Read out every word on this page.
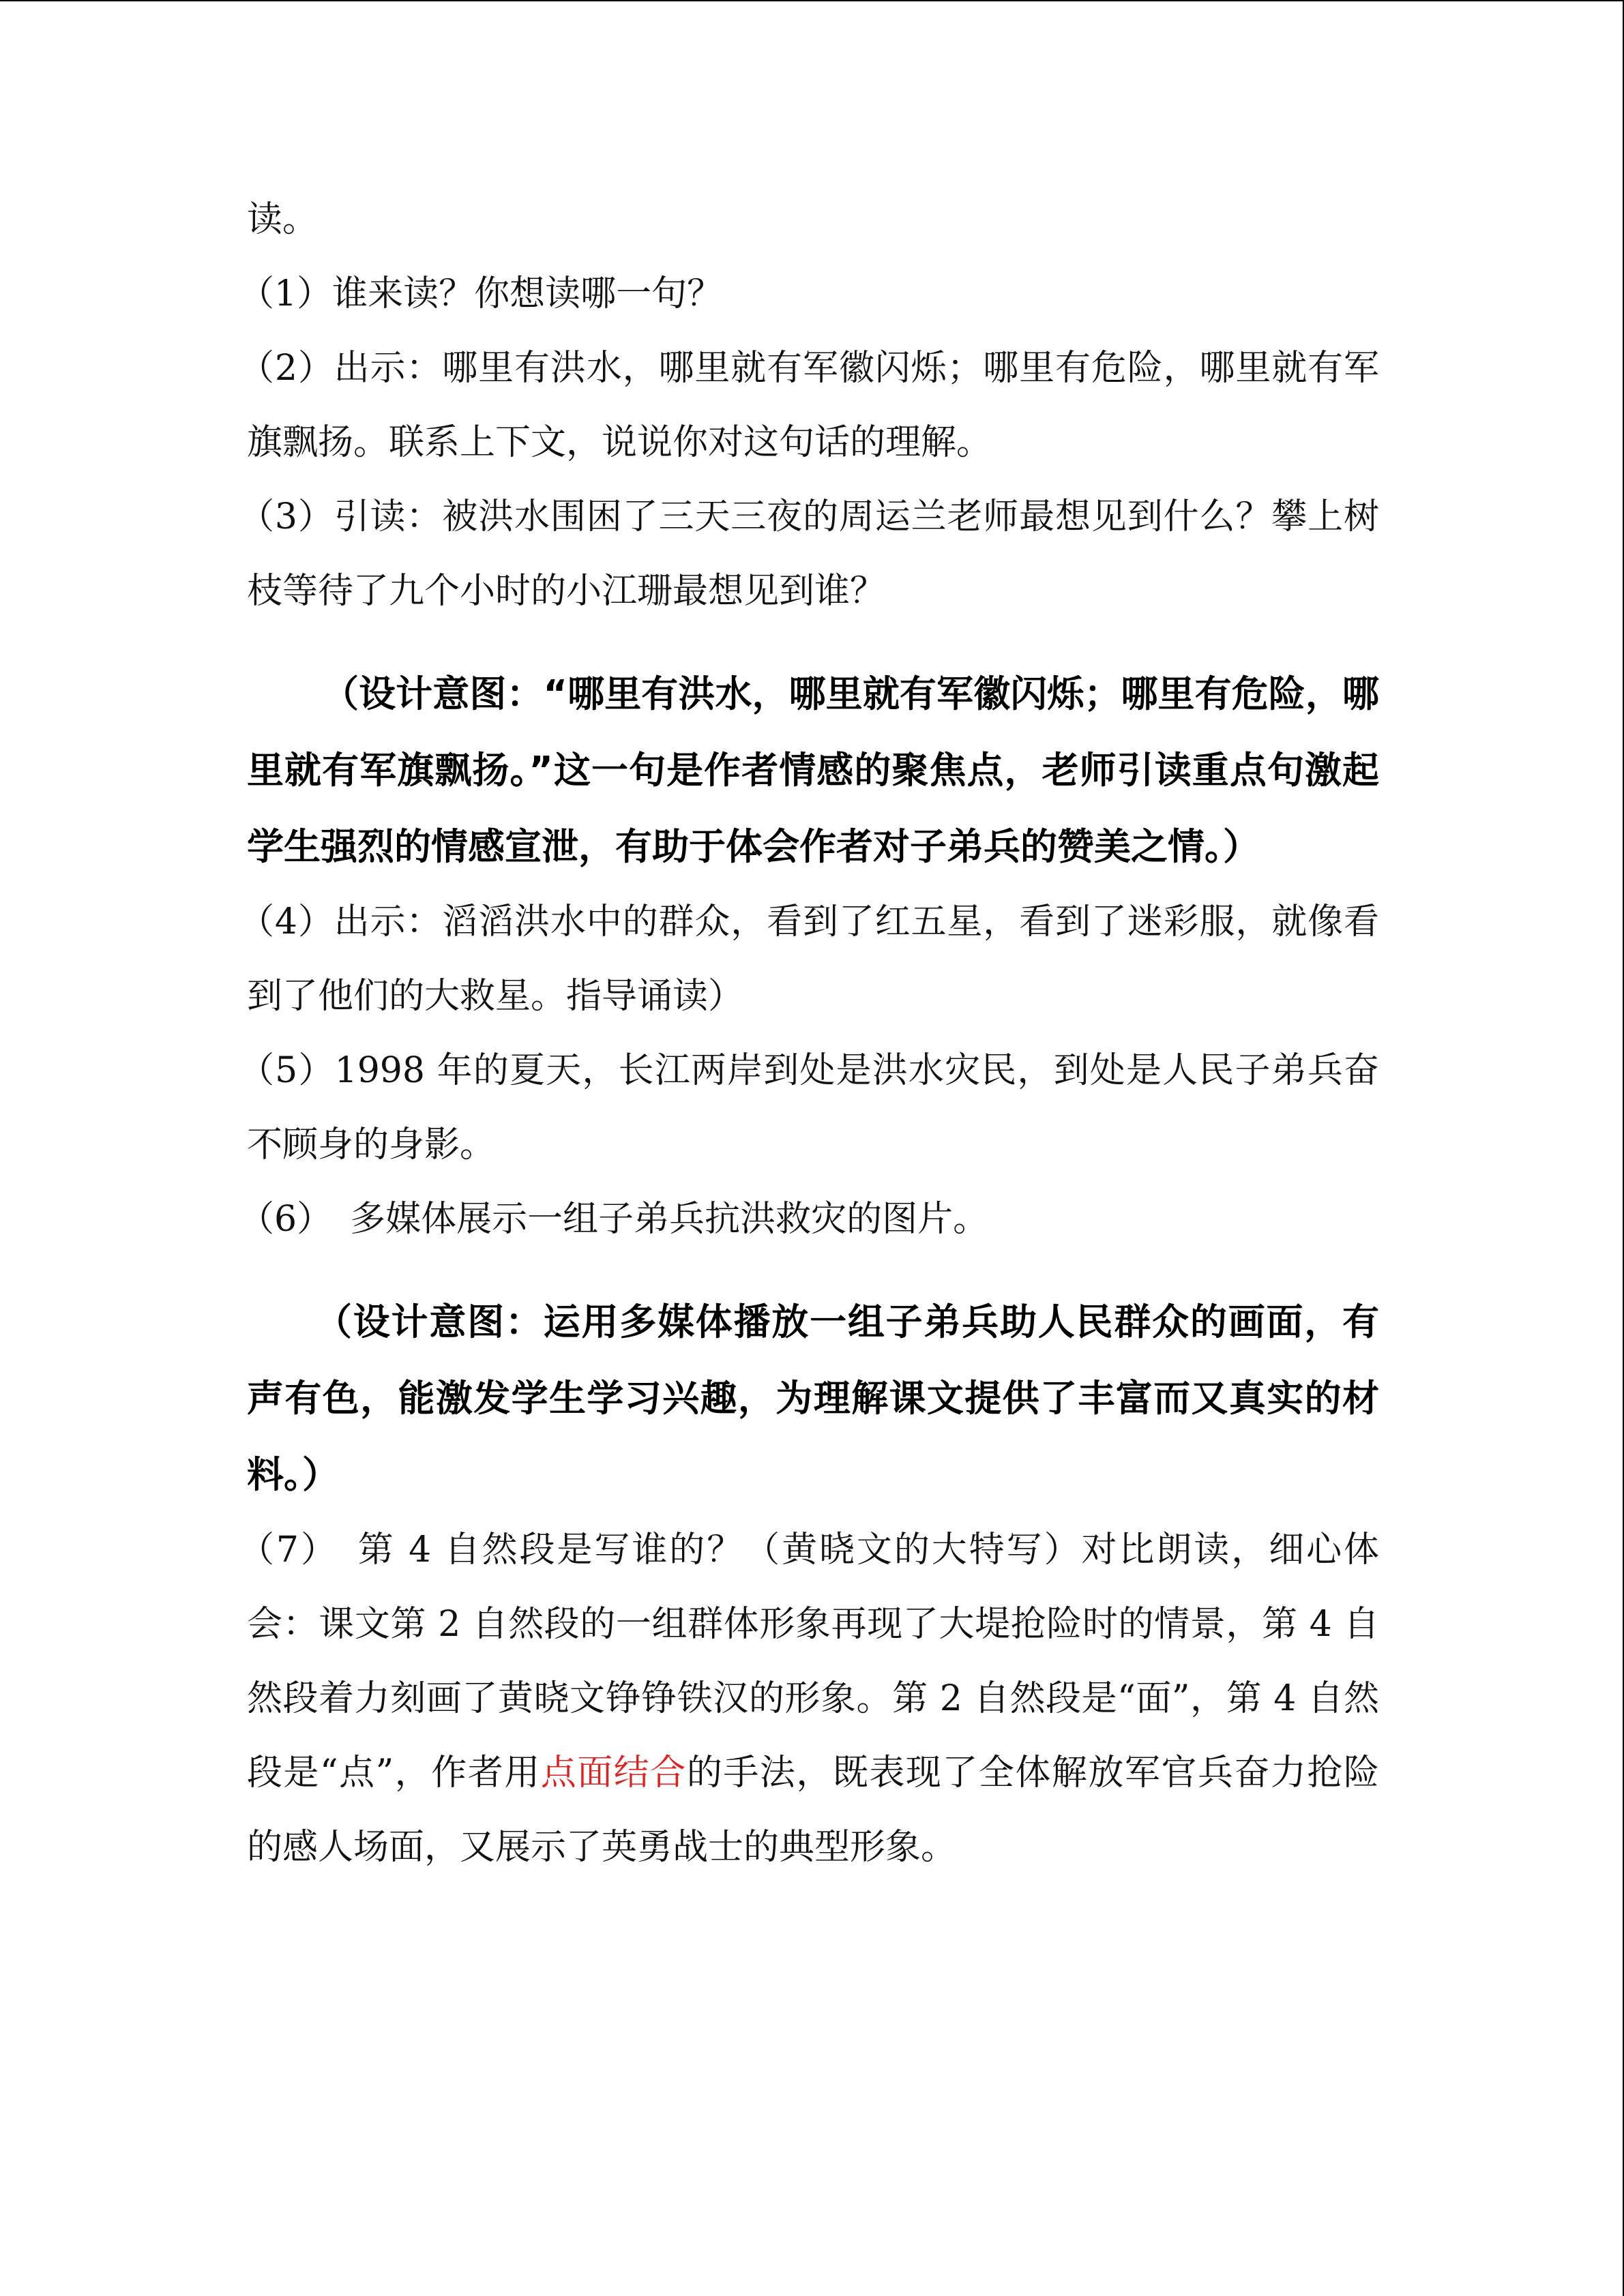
读。

（1）谁来读？你想读哪一句？

（2）出示：哪里有洪水，哪里就有军徽闪烁；哪里有危险，哪里就有军旗飘扬。联系上下文，说说你对这句话的理解。

（3）引读：被洪水围困了三天三夜的周运兰老师最想见到什么？攀上树枝等待了九个小时的小江珊最想见到谁？

（设计意图：“哪里有洪水，哪里就有军徽闪烁；哪里有危险，哪里就有军旗飘扬。”这一句是作者情感的聚焦点，老师引读重点句激起学生强烈的情感宣泄，有助于体会作者对子弟兵的赞美之情。）

（4）出示：滔滔洪水中的群众，看到了红五星，看到了迷彩服，就像看到了他们的大救星。指导诵读）

（5）1998 年的夏天，长江两岸到处是洪水灾民，到处是人民子弟兵奋不顾身的身影。

（6）　多媒体展示一组子弟兵抗洪救灾的图片。

（设计意图：运用多媒体播放一组子弟兵助人民群众的画面，有声有色，能激发学生学习兴趣，为理解课文提供了丰富而又真实的材料。）

（7）　第 4 自然段是写谁的？（黄晓文的大特写）对比朗读，细心体会：课文第 2 自然段的一组群体形象再现了大堤抢险时的情景，第 4 自然段着力刻画了黄晓文铮铮铁汉的形象。第 2 自然段是“面”，第 4 自然段是“点”，作者用点面结合的手法，既表现了全体解放军官兵奋力抢险的感人场面，又展示了英勇战士的典型形象。
